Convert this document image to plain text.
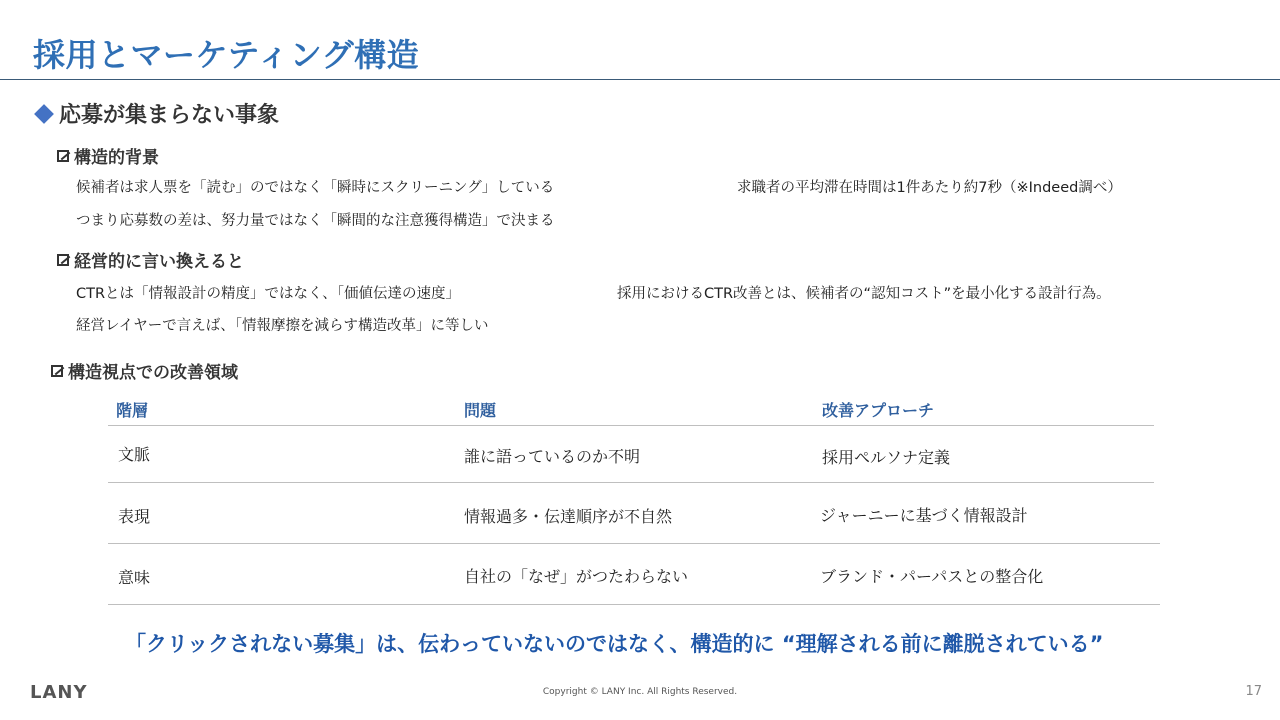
採用とマーケティング構造
応募が集まらない事象
構造的背景
候補者は求人票を「読む」のではなく「瞬時にスクリーニング」している	求職者の平均滞在時間は1件あたり約7秒（※Indeed調べ）
つまり応募数の差は、努力量ではなく「瞬間的な注意獲得構造」で決まる
経営的に言い換えると
CTRとは「情報設計の精度」ではなく、「価値伝達の速度」	採用におけるCTR改善とは、候補者の“認知コスト”を最小化する設計行為。
経営レイヤーで言えば、「情報摩擦を減らす構造改革」に等しい
構造視点での改善領域
階層	問題	改善アプローチ
文脈	誰に語っているのか不明	採用ペルソナ定義
表現	情報過多・伝達順序が不自然	ジャーニーに基づく情報設計
意味	自社の「なぜ」がつたわらない	ブランド・パーパスとの整合化
「クリックされない募集」は、伝わっていないのではなく、構造的に “理解される前に離脱されている”
LANY	Copyright © LANY Inc. All Rights Reserved.	17
